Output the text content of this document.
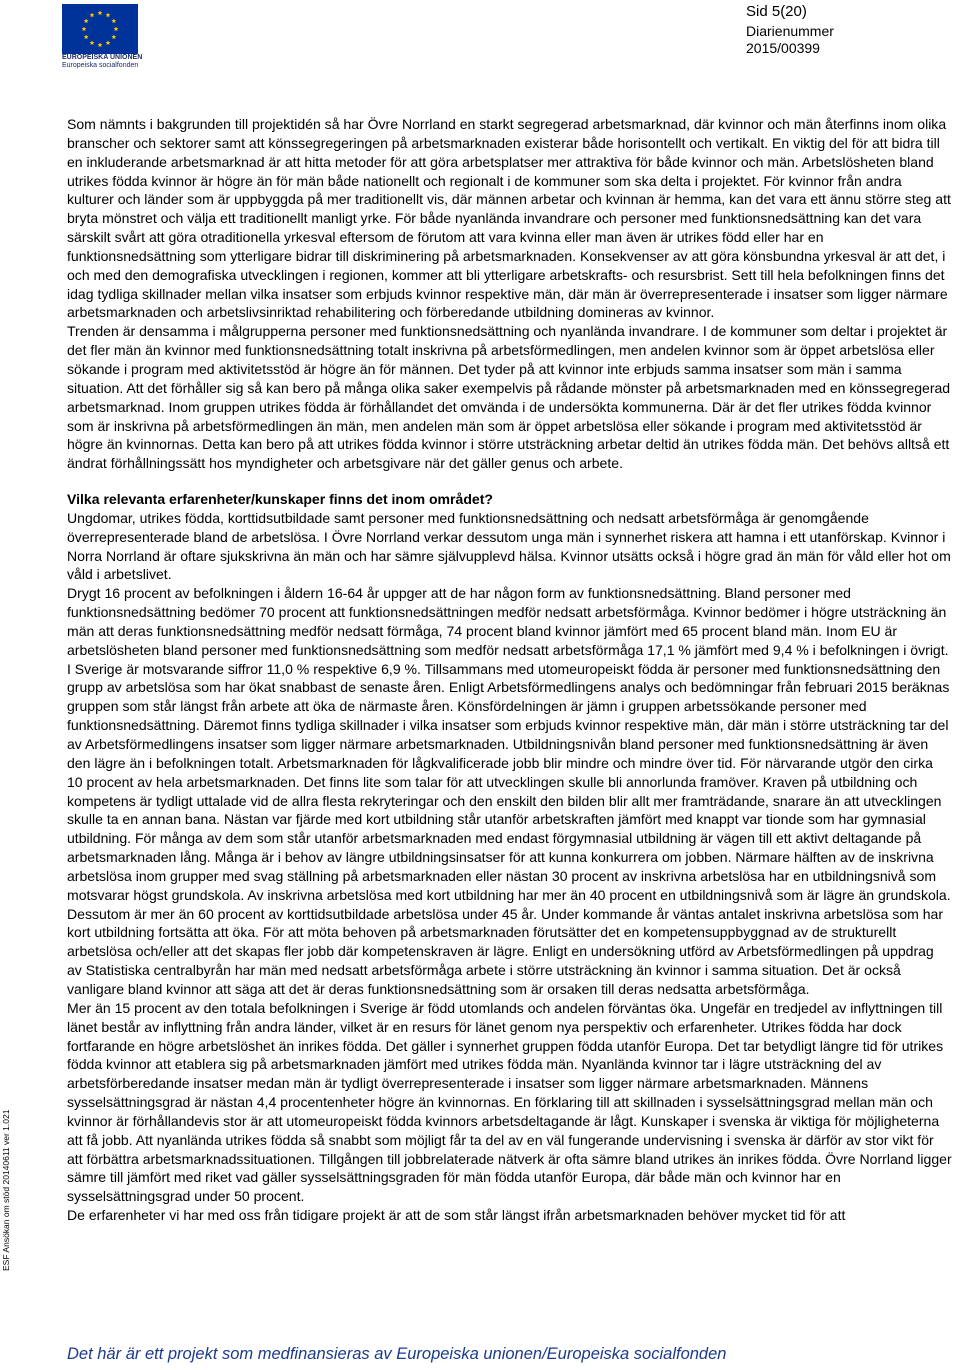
EUROPEISKA UNIONEN
Europeiska socialfonden
Sid 5(20)
Diarienummer
2015/00399

Som nämnts i bakgrunden till projektidén så har Övre Norrland en starkt segregerad arbetsmarknad, där kvinnor och män återfinns inom olika branscher och sektorer samt att könssegregeringen på arbetsmarknaden existerar både horisontellt och vertikalt. En viktig del för att bidra till en inkluderande arbetsmarknad är att hitta metoder för att göra arbetsplatser mer attraktiva för både kvinnor och män. Arbetslösheten bland utrikes födda kvinnor är högre än för män både nationellt och regionalt i de kommuner som ska delta i projektet. För kvinnor från andra kulturer och länder som är uppbyggda på mer traditionellt vis, där männen arbetar och kvinnan är hemma, kan det vara ett ännu större steg att bryta mönstret och välja ett traditionellt manligt yrke. För både nyanlända invandrare och personer med funktionsnedsättning kan det vara särskilt svårt att göra otraditionella yrkesval eftersom de förutom att vara kvinna eller man även är utrikes född eller har en funktionsnedsättning som ytterligare bidrar till diskriminering på arbetsmarknaden. Konsekvenser av att göra könsbundna yrkesval är att det, i och med den demografiska utvecklingen i regionen, kommer att bli ytterligare arbetskrafts- och resursbrist. Sett till hela befolkningen finns det idag tydliga skillnader mellan vilka insatser som erbjuds kvinnor respektive män, där män är överrepresenterade i insatser som ligger närmare arbetsmarknaden och arbetslivsinriktad rehabilitering och förberedande utbildning domineras av kvinnor.

Trenden är densamma i målgrupperna personer med funktionsnedsättning och nyanlända invandrare. I de kommuner som deltar i projektet är det fler män än kvinnor med funktionsnedsättning totalt inskrivna på arbetsförmedlingen, men andelen kvinnor som är öppet arbetslösa eller sökande i program med aktivitetsstöd är högre än för männen. Det tyder på att kvinnor inte erbjuds samma insatser som män i samma situation. Att det förhåller sig så kan bero på många olika saker exempelvis på rådande mönster på arbetsmarknaden med en könssegregerad arbetsmarknad. Inom gruppen utrikes födda är förhållandet det omvända i de undersökta kommunerna. Där är det fler utrikes födda kvinnor som är inskrivna på arbetsförmedlingen än män, men andelen män som är öppet arbetslösa eller sökande i program med aktivitetsstöd är högre än kvinnornas. Detta kan bero på att utrikes födda kvinnor i större utsträckning arbetar deltid än utrikes födda män. Det behövs alltså ett ändrat förhållningssätt hos myndigheter och arbetsgivare när det gäller genus och arbete.

Vilka relevanta erfarenheter/kunskaper finns det inom området?

Ungdomar, utrikes födda, korttidsutbildade samt personer med funktionsnedsättning och nedsatt arbetsförmåga är genomgående överrepresenterade bland de arbetslösa. I Övre Norrland verkar dessutom unga män i synnerhet riskera att hamna i ett utanförskap. Kvinnor i Norra Norrland är oftare sjukskrivna än män och har sämre självupplevd hälsa. Kvinnor utsätts också i högre grad än män för våld eller hot om våld i arbetslivet.

Drygt 16 procent av befolkningen i åldern 16-64 år uppger att de har någon form av funktionsnedsättning. Bland personer med funktionsnedsättning bedömer 70 procent att funktionsnedsättningen medför nedsatt arbetsförmåga. Kvinnor bedömer i högre utsträckning än män att deras funktionsnedsättning medför nedsatt förmåga, 74 procent bland kvinnor jämfört med 65 procent bland män. Inom EU är arbetslösheten bland personer med funktionsnedsättning som medför nedsatt arbetsförmåga 17,1 % jämfört med 9,4 % i befolkningen i övrigt. I Sverige är motsvarande siffror 11,0 % respektive 6,9 %. Tillsammans med utomeuropeiskt födda är personer med funktionsnedsättning den grupp av arbetslösa som har ökat snabbast de senaste åren. Enligt Arbetsförmedlingens analys och bedömningar från februari 2015 beräknas gruppen som står längst från arbete att öka de närmaste åren. Könsfördelningen är jämn i gruppen arbetssökande personer med funktionsnedsättning. Däremot finns tydliga skillnader i vilka insatser som erbjuds kvinnor respektive män, där män i större utsträckning tar del av Arbetsförmedlingens insatser som ligger närmare arbetsmarknaden. Utbildningsnivån bland personer med funktionsnedsättning är även den lägre än i befolkningen totalt. Arbetsmarknaden för lågkvalificerade jobb blir mindre och mindre över tid. För närvarande utgör den cirka 10 procent av hela arbetsmarknaden. Det finns lite som talar för att utvecklingen skulle bli annorlunda framöver. Kraven på utbildning och kompetens är tydligt uttalade vid de allra flesta rekryteringar och den enskilt den bilden blir allt mer framträdande, snarare än att utvecklingen skulle ta en annan bana. Nästan var fjärde med kort utbildning står utanför arbetskraften jämfört med knappt var tionde som har gymnasial utbildning. För många av dem som står utanför arbetsmarknaden med endast förgymnasial utbildning är vägen till ett aktivt deltagande på arbetsmarknaden lång. Många är i behov av längre utbildningsinsatser för att kunna konkurrera om jobben. Närmare hälften av de inskrivna arbetslösa inom grupper med svag ställning på arbetsmarknaden eller nästan 30 procent av inskrivna arbetslösa har en utbildningsnivå som motsvarar högst grundskola. Av inskrivna arbetslösa med kort utbildning har mer än 40 procent en utbildningsnivå som är lägre än grundskola. Dessutom är mer än 60 procent av korttidsutbildade arbetslösa under 45 år. Under kommande år väntas antalet inskrivna arbetslösa som har kort utbildning fortsätta att öka. För att möta behoven på arbetsmarknaden förutsätter det en kompetensuppbyggnad av de strukturellt arbetslösa och/eller att det skapas fler jobb där kompetenskraven är lägre. Enligt en undersökning utförd av Arbetsförmedlingen på uppdrag av Statistiska centralbyrån har män med nedsatt arbetsförmåga arbete i större utsträckning än kvinnor i samma situation. Det är också vanligare bland kvinnor att säga att det är deras funktionsnedsättning som är orsaken till deras nedsatta arbetsförmåga.

Mer än 15 procent av den totala befolkningen i Sverige är född utomlands och andelen förväntas öka. Ungefär en tredjedel av inflyttningen till länet består av inflyttning från andra länder, vilket är en resurs för länet genom nya perspektiv och erfarenheter. Utrikes födda har dock fortfarande en högre arbetslöshet än inrikes födda. Det gäller i synnerhet gruppen födda utanför Europa. Det tar betydligt längre tid för utrikes födda kvinnor att etablera sig på arbetsmarknaden jämfört med utrikes födda män. Nyanlända kvinnor tar i lägre utsträckning del av arbetsförberedande insatser medan män är tydligt överrepresenterade i insatser som ligger närmare arbetsmarknaden. Männens sysselsättningsgrad är nästan 4,4 procentenheter högre än kvinnornas. En förklaring till att skillnaden i sysselsättningsgrad mellan män och kvinnor är förhållandevis stor är att utomeuropeiskt födda kvinnors arbetsdeltagande är lågt. Kunskaper i svenska är viktiga för möjligheterna att få jobb. Att nyanlända utrikes födda så snabbt som möjligt får ta del av en väl fungerande undervisning i svenska är därför av stor vikt för att förbättra arbetsmarknadssituationen. Tillgången till jobbrelaterade nätverk är ofta sämre bland utrikes än inrikes födda. Övre Norrland ligger sämre till jämfört med riket vad gäller sysselsättningsgraden för män födda utanför Europa, där både män och kvinnor har en sysselsättningsgrad under 50 procent.

De erfarenheter vi har med oss från tidigare projekt är att de som står längst ifrån arbetsmarknaden behöver mycket tid för att

ESF Ansökan om stöd 20140611 ver 1.021
Det här är ett projekt som medfinansieras av Europeiska unionen/Europeiska socialfonden
